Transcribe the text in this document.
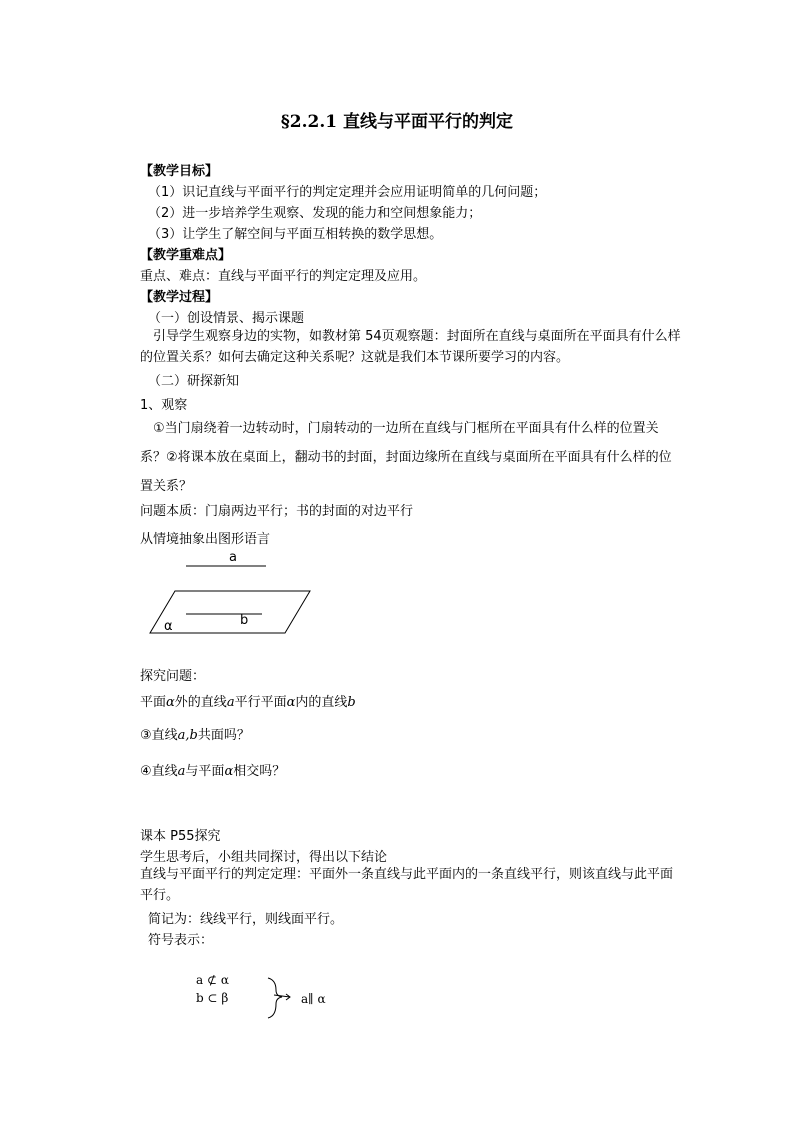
§2.2.1 直线与平面平行的判定
【教学目标】
（1）识记直线与平面平行的判定定理并会应用证明简单的几何问题；
（2）进一步培养学生观察、发现的能力和空间想象能力；
（3）让学生了解空间与平面互相转换的数学思想。
【教学重难点】
重点、难点：直线与平面平行的判定定理及应用。
【教学过程】
（一）创设情景、揭示课题
引导学生观察身边的实物，如教材第 54页观察题：封面所在直线与桌面所在平面具有什么样的位置关系？如何去确定这种关系呢？这就是我们本节课所要学习的内容。
（二）研探新知
1、观察
①当门扇绕着一边转动时，门扇转动的一边所在直线与门框所在平面具有什么样的位置关系？②将课本放在桌面上，翻动书的封面，封面边缘所在直线与桌面所在平面具有什么样的位置关系？
问题本质：门扇两边平行；书的封面的对边平行
从情境抽象出图形语言
a
b
α
探究问题：
平面α外的直线a平行平面α内的直线b
③直线a,b共面吗？
④直线a与平面α相交吗？
课本 P55探究
学生思考后，小组共同探讨，得出以下结论
直线与平面平行的判定定理：平面外一条直线与此平面内的一条直线平行，则该直线与此平面平行。
简记为：线线平行，则线面平行。
符号表示：
a ⊄ α
b ⊂ β	a∥ α
